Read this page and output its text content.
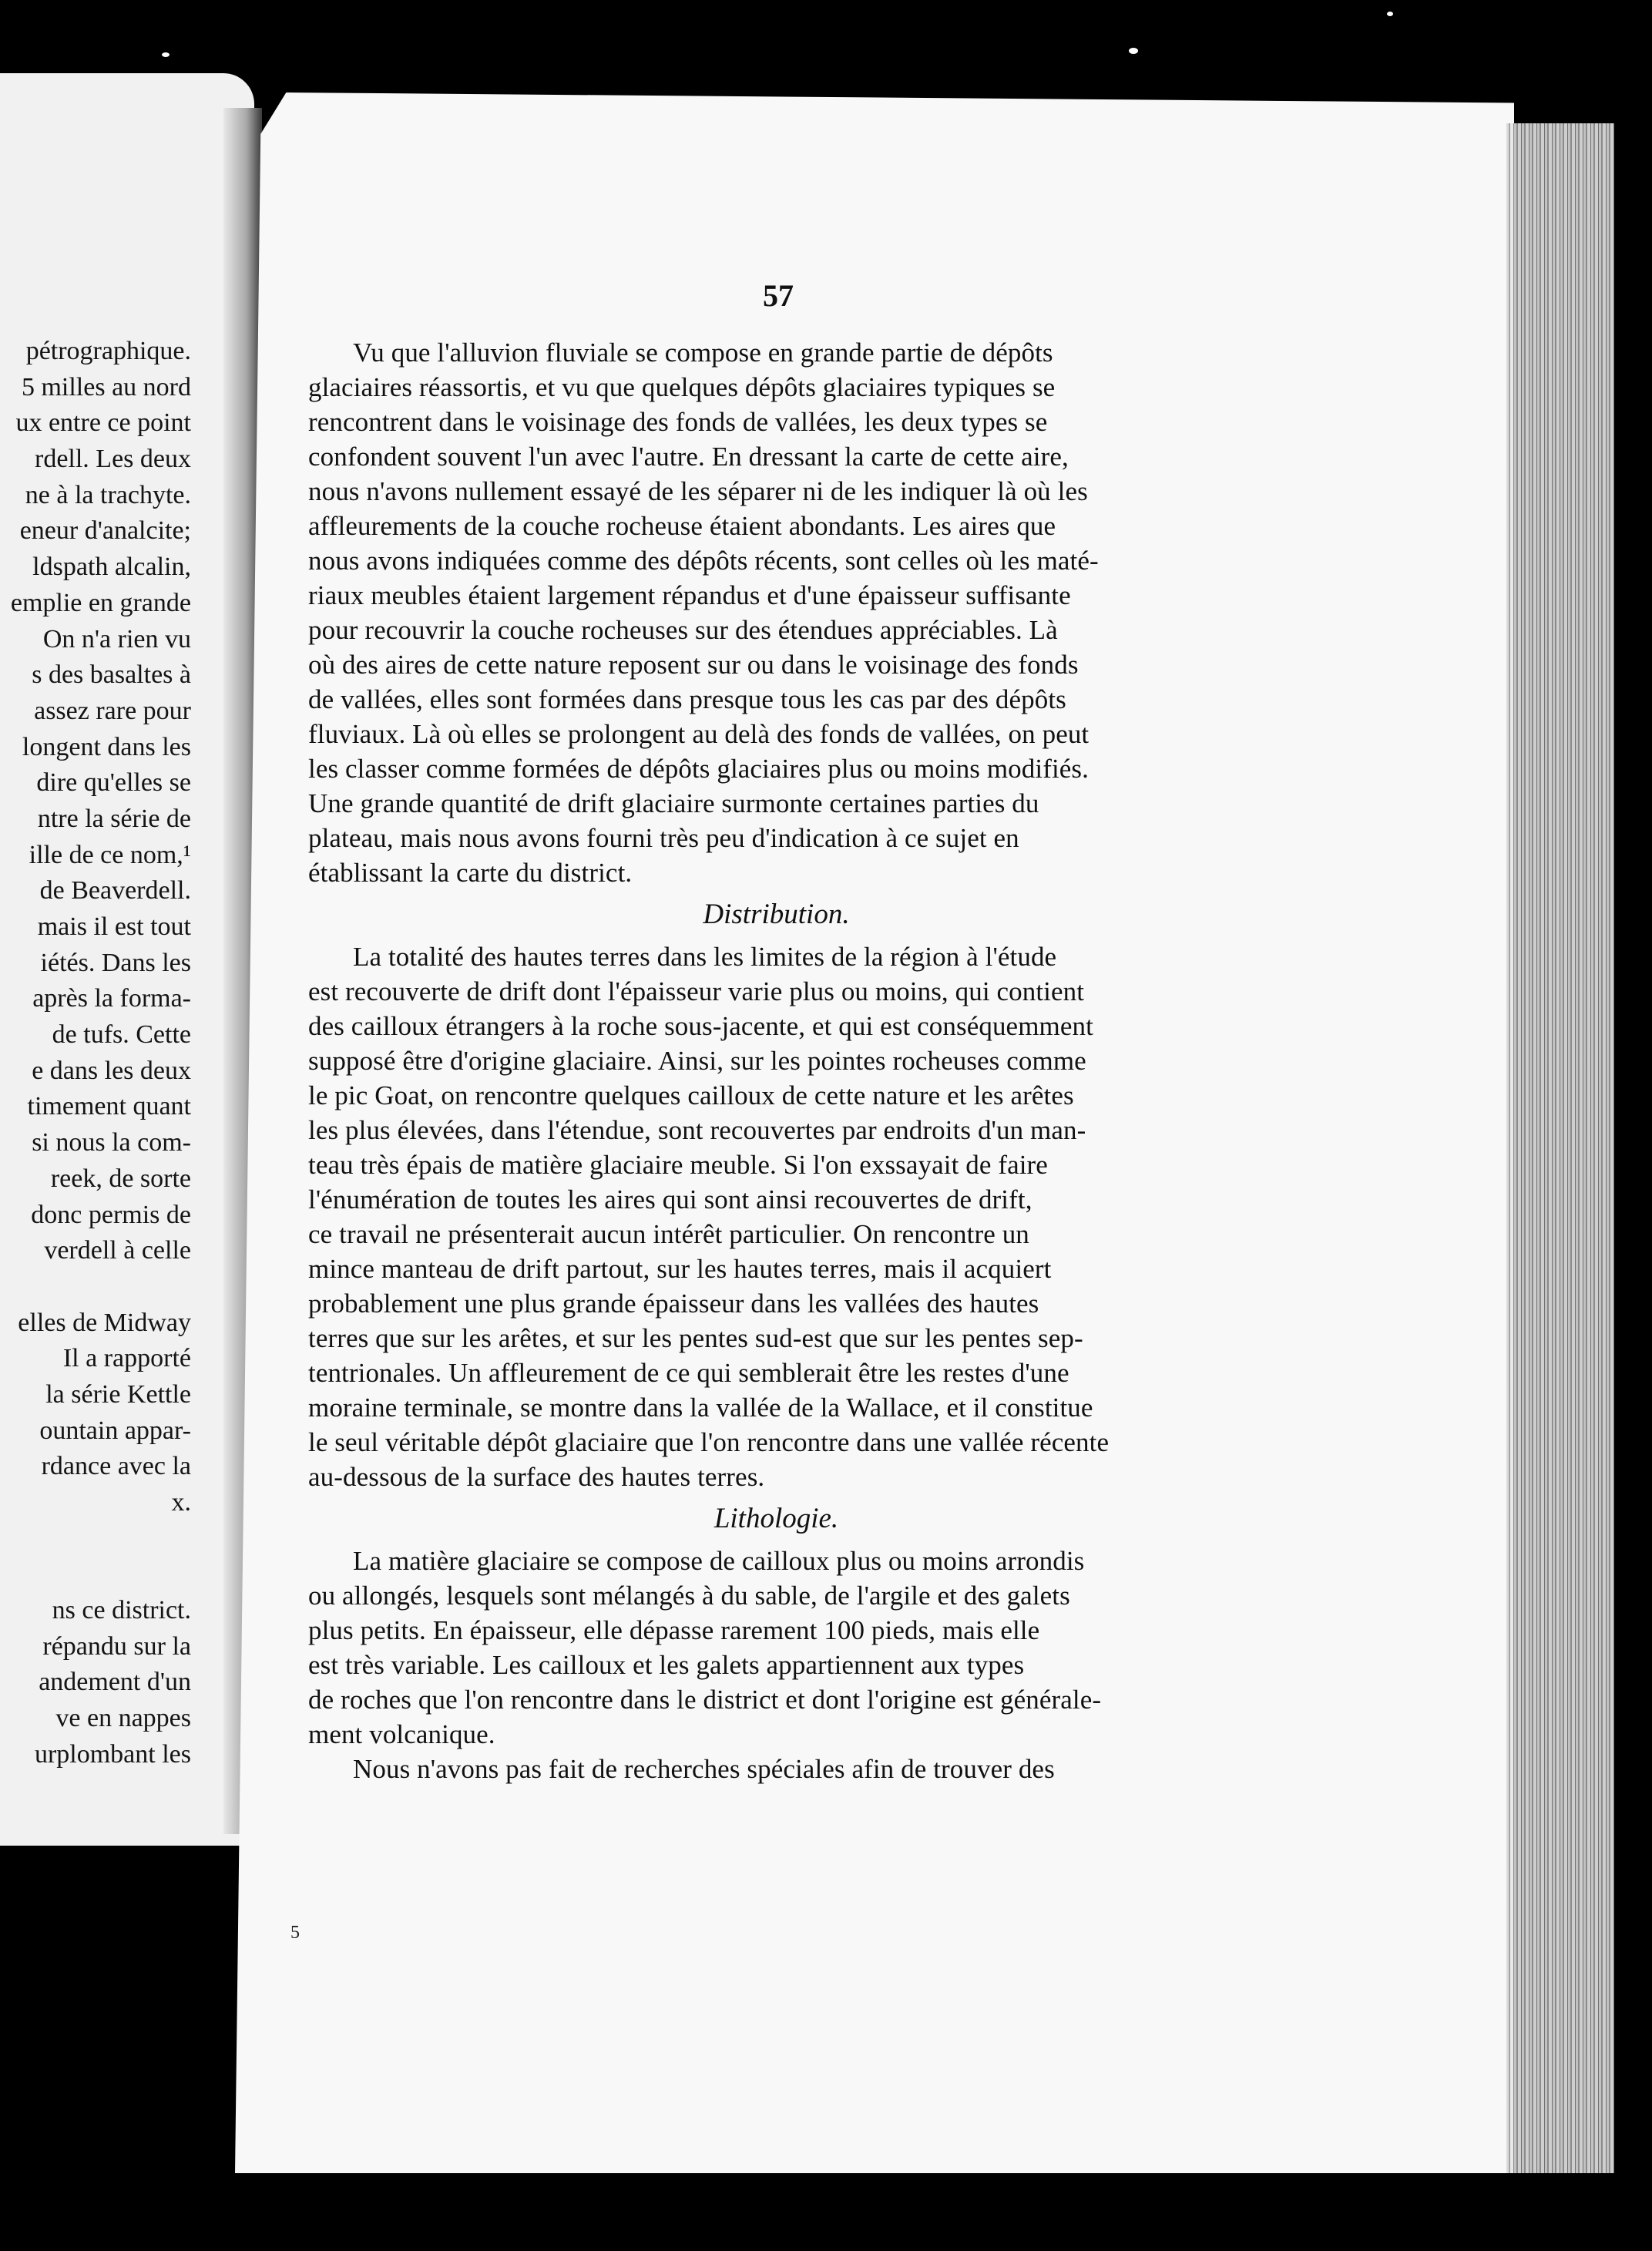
pétrographique.
5 milles au nord
ux entre ce point
rdell. Les deux
ne à la trachyte.
eneur d'analcite;
ldspath alcalin,
emplie en grande
On n'a rien vu
s des basaltes à
assez rare pour
longent dans les
dire qu'elles se
ntre la série de
ille de ce nom,¹
de Beaverdell.
mais il est tout
iétés. Dans les
après la forma-
de tufs. Cette
e dans les deux
timement quant
si nous la com-
reek, de sorte
donc permis de
verdell à celle
elles de Midway
Il a rapporté
la série Kettle
ountain appar-
rdance avec la
x.
ns ce district.
répandu sur la
andement d'un
ve en nappes
urplombant les
57
Vu que l'alluvion fluviale se compose en grande partie de dépôts
glaciaires réassortis, et vu que quelques dépôts glaciaires typiques se
rencontrent dans le voisinage des fonds de vallées, les deux types se
confondent souvent l'un avec l'autre. En dressant la carte de cette aire,
nous n'avons nullement essayé de les séparer ni de les indiquer là où les
affleurements de la couche rocheuse étaient abondants. Les aires que
nous avons indiquées comme des dépôts récents, sont celles où les maté-
riaux meubles étaient largement répandus et d'une épaisseur suffisante
pour recouvrir la couche rocheuses sur des étendues appréciables. Là
où des aires de cette nature reposent sur ou dans le voisinage des fonds
de vallées, elles sont formées dans presque tous les cas par des dépôts
fluviaux. Là où elles se prolongent au delà des fonds de vallées, on peut
les classer comme formées de dépôts glaciaires plus ou moins modifiés.
Une grande quantité de drift glaciaire surmonte certaines parties du
plateau, mais nous avons fourni très peu d'indication à ce sujet en
établissant la carte du district.
Distribution.
La totalité des hautes terres dans les limites de la région à l'étude
est recouverte de drift dont l'épaisseur varie plus ou moins, qui contient
des cailloux étrangers à la roche sous-jacente, et qui est conséquemment
supposé être d'origine glaciaire. Ainsi, sur les pointes rocheuses comme
le pic Goat, on rencontre quelques cailloux de cette nature et les arêtes
les plus élevées, dans l'étendue, sont recouvertes par endroits d'un man-
teau très épais de matière glaciaire meuble. Si l'on exssayait de faire
l'énumération de toutes les aires qui sont ainsi recouvertes de drift,
ce travail ne présenterait aucun intérêt particulier. On rencontre un
mince manteau de drift partout, sur les hautes terres, mais il acquiert
probablement une plus grande épaisseur dans les vallées des hautes
terres que sur les arêtes, et sur les pentes sud-est que sur les pentes sep-
tentrionales. Un affleurement de ce qui semblerait être les restes d'une
moraine terminale, se montre dans la vallée de la Wallace, et il constitue
le seul véritable dépôt glaciaire que l'on rencontre dans une vallée récente
au-dessous de la surface des hautes terres.
Lithologie.
La matière glaciaire se compose de cailloux plus ou moins arrondis
ou allongés, lesquels sont mélangés à du sable, de l'argile et des galets
plus petits. En épaisseur, elle dépasse rarement 100 pieds, mais elle
est très variable. Les cailloux et les galets appartiennent aux types
de roches que l'on rencontre dans le district et dont l'origine est générale-
ment volcanique.
Nous n'avons pas fait de recherches spéciales afin de trouver des
5
